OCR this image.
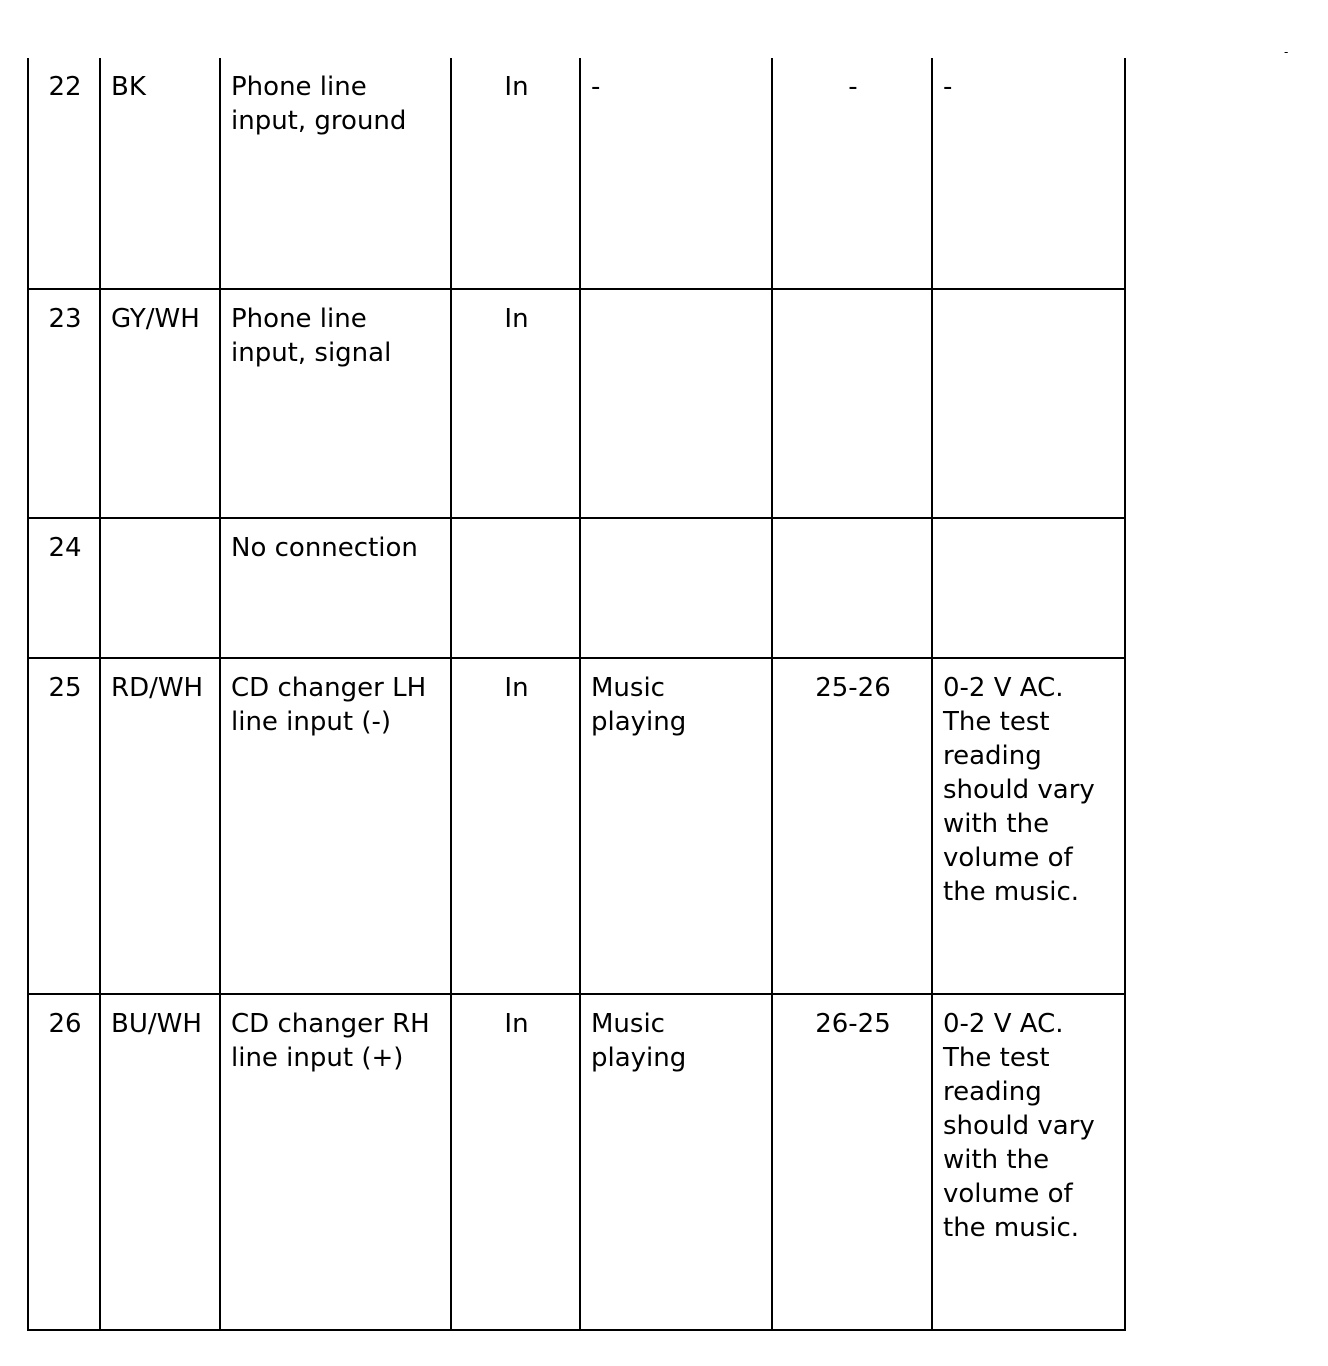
-
22	BK	Phone line input, ground	In	-	-	-
23	GY/WH	Phone line input, signal	In			
24		No connection				
25	RD/WH	CD changer LH line input (-)	In	Music playing	25-26	0-2 V AC. The test reading should vary with the volume of the music.
26	BU/WH	CD changer RH line input (+)	In	Music playing	26-25	0-2 V AC. The test reading should vary with the volume of the music.
